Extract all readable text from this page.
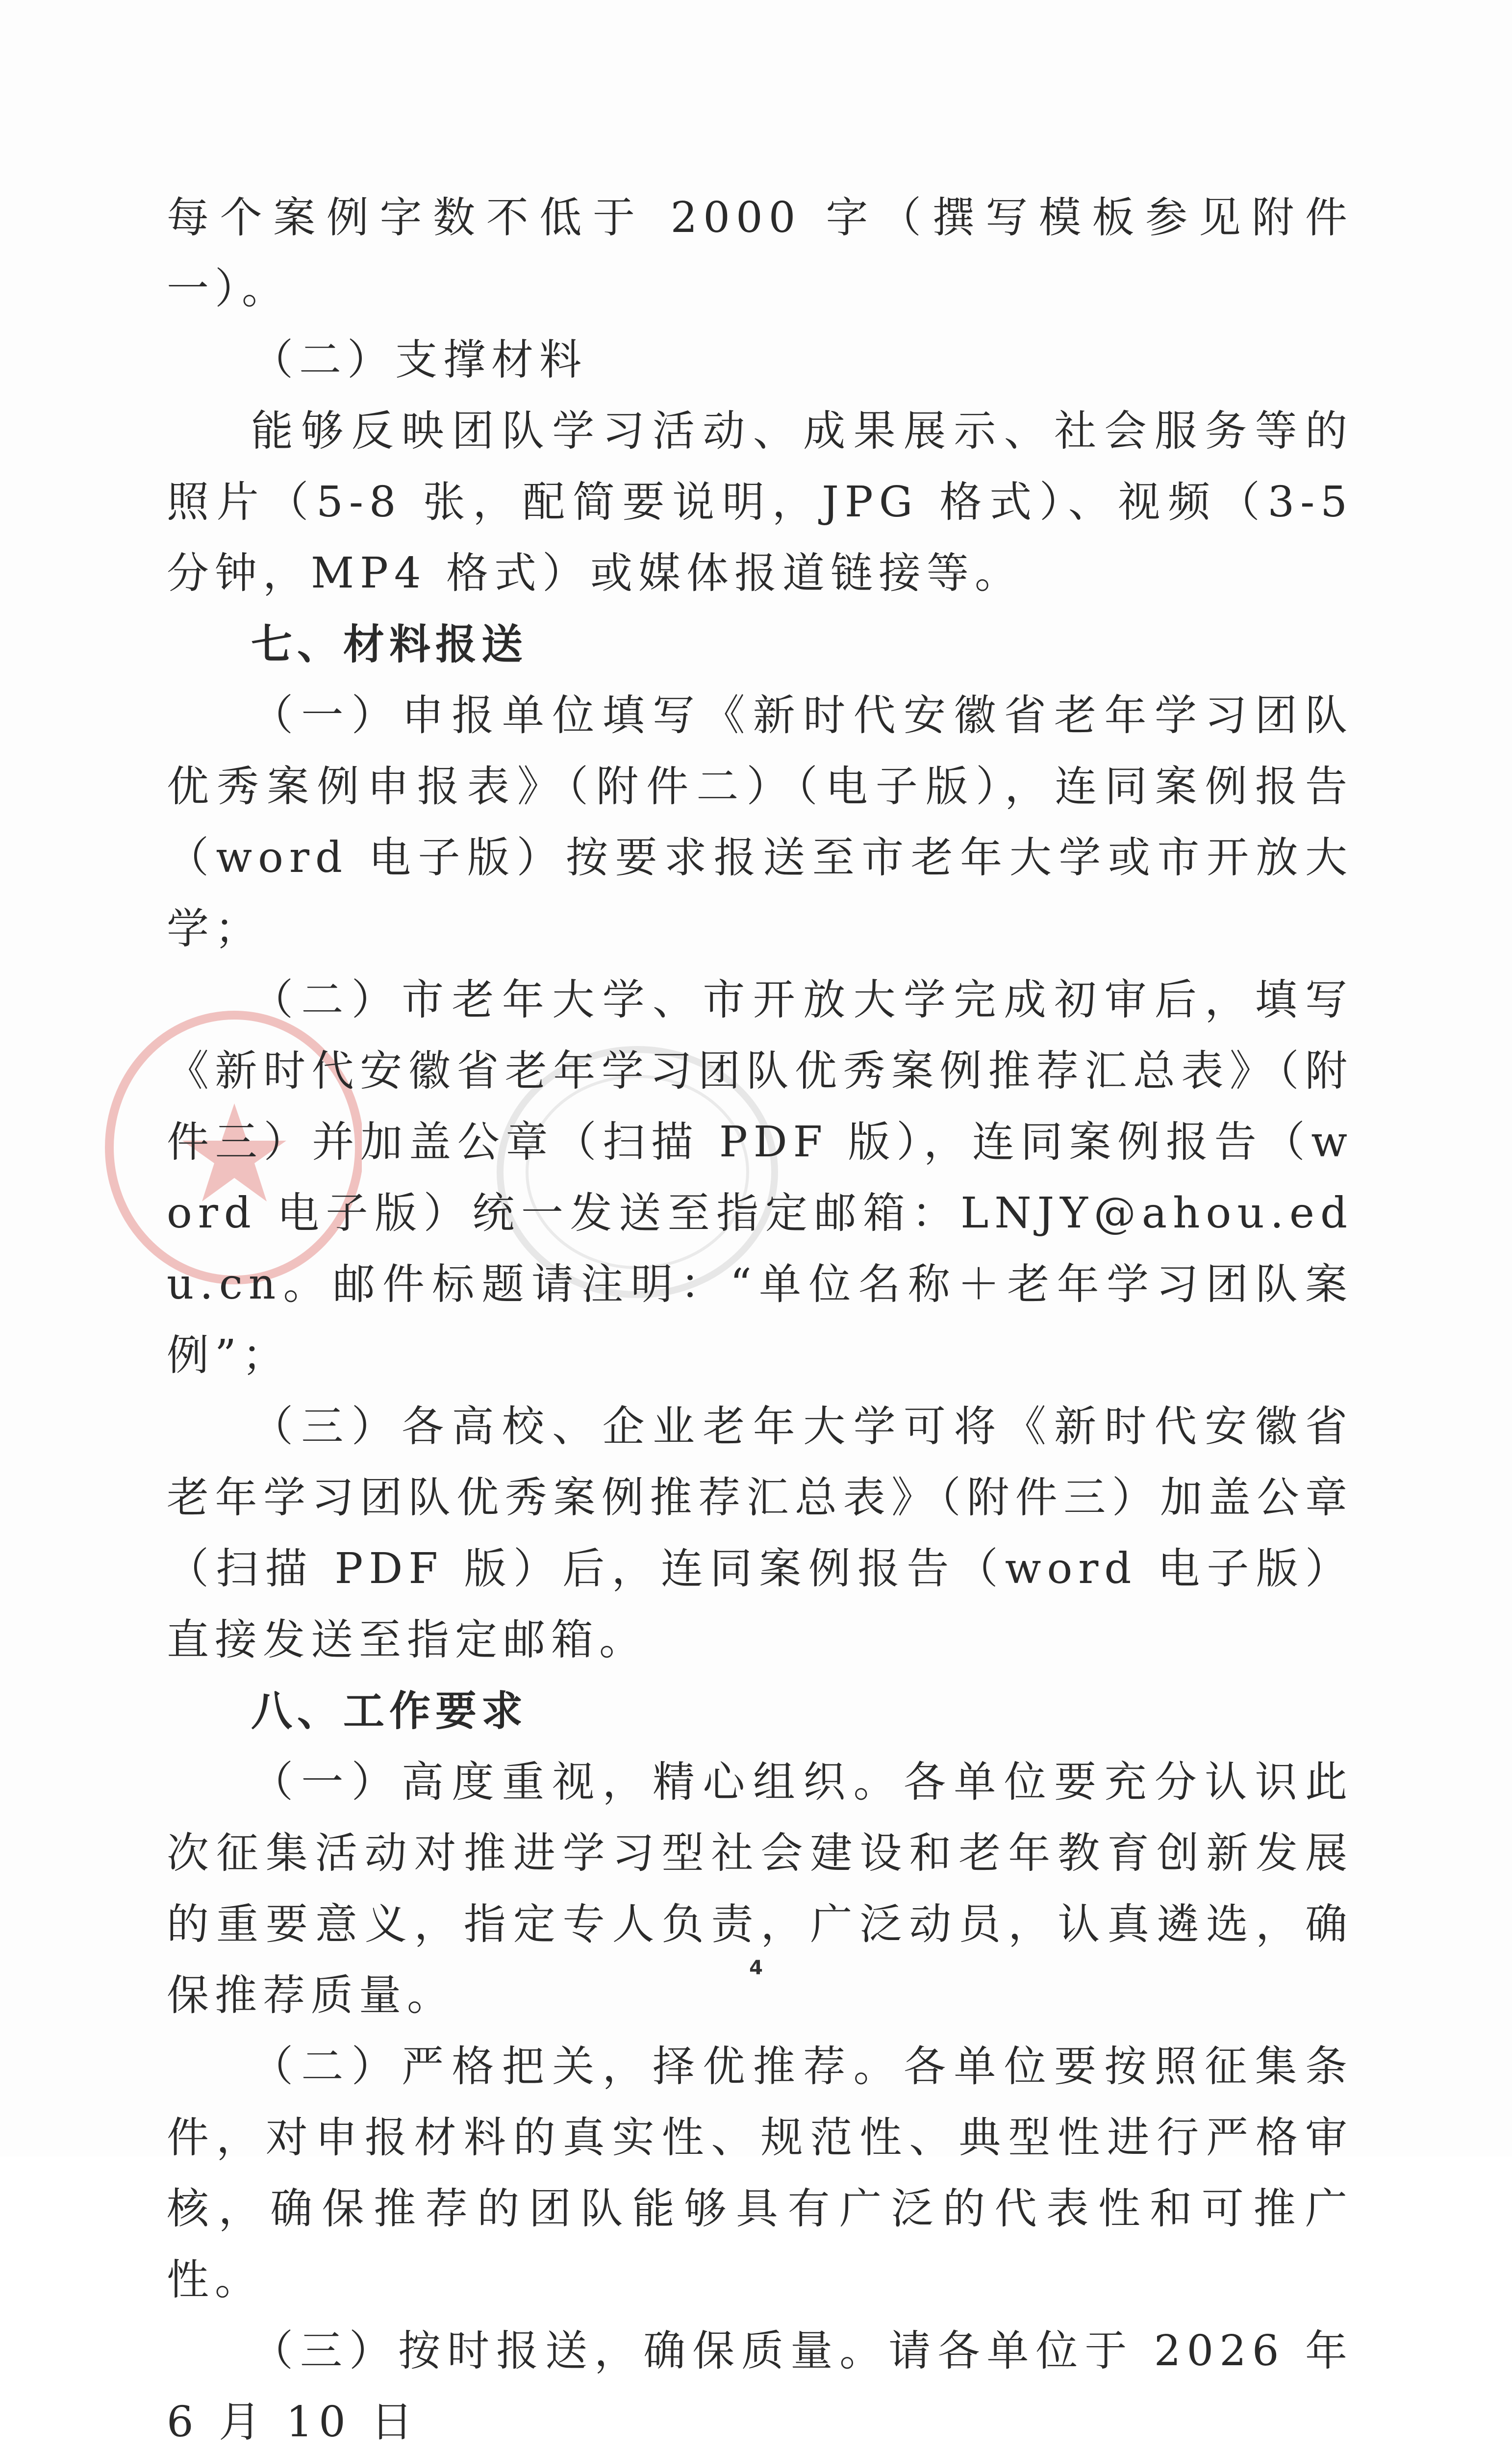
每个案例字数不低于 2000 字（撰写模板参见附件一）。

（二）支撑材料

能够反映团队学习活动、成果展示、社会服务等的照片（5-8 张，配简要说明，JPG 格式）、视频（3-5 分钟，MP4 格式）或媒体报道链接等。

七、材料报送

（一）申报单位填写《新时代安徽省老年学习团队优秀案例申报表》（附件二）（电子版），连同案例报告（word 电子版）按要求报送至市老年大学或市开放大学；

（二）市老年大学、市开放大学完成初审后，填写《新时代安徽省老年学习团队优秀案例推荐汇总表》（附件三）并加盖公章（扫描 PDF 版），连同案例报告（word 电子版）统一发送至指定邮箱：LNJY@ahou.edu.cn。邮件标题请注明：“单位名称＋老年学习团队案例”；

（三）各高校、企业老年大学可将《新时代安徽省老年学习团队优秀案例推荐汇总表》（附件三）加盖公章（扫描 PDF 版）后，连同案例报告（word 电子版）直接发送至指定邮箱。

八、工作要求

（一）高度重视，精心组织。各单位要充分认识此次征集活动对推进学习型社会建设和老年教育创新发展的重要意义，指定专人负责，广泛动员，认真遴选，确保推荐质量。

（二）严格把关，择优推荐。各单位要按照征集条件，对申报材料的真实性、规范性、典型性进行严格审核，确保推荐的团队能够具有广泛的代表性和可推广性。

（三）按时报送，确保质量。请各单位于 2026 年 6 月 10 日

4
